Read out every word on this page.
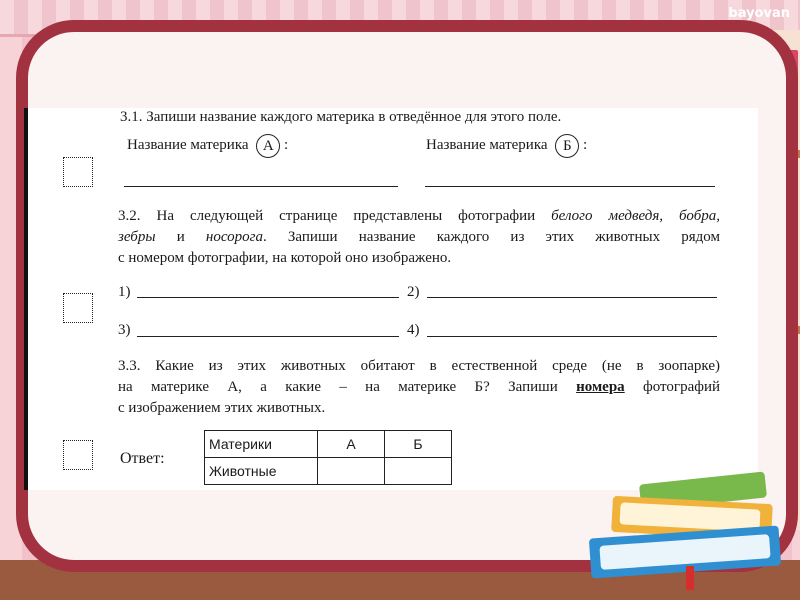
bayovan
3.1. Запиши название каждого материка в отведённое для этого поле.
Название материка А :	Название материка Б :
3.2. На следующей странице представлены фотографии белого медведя, бобра,
зебры и носорога. Запиши название каждого из этих животных рядом
с номером фотографии, на которой оно изображено.
1)	2)
3)	4)
3.3. Какие из этих животных обитают в естественной среде (не в зоопарке)
на материке А, а какие – на материке Б? Запиши номера фотографий
с изображением этих животных.
Ответ:
Материки	А	Б
Животные		
